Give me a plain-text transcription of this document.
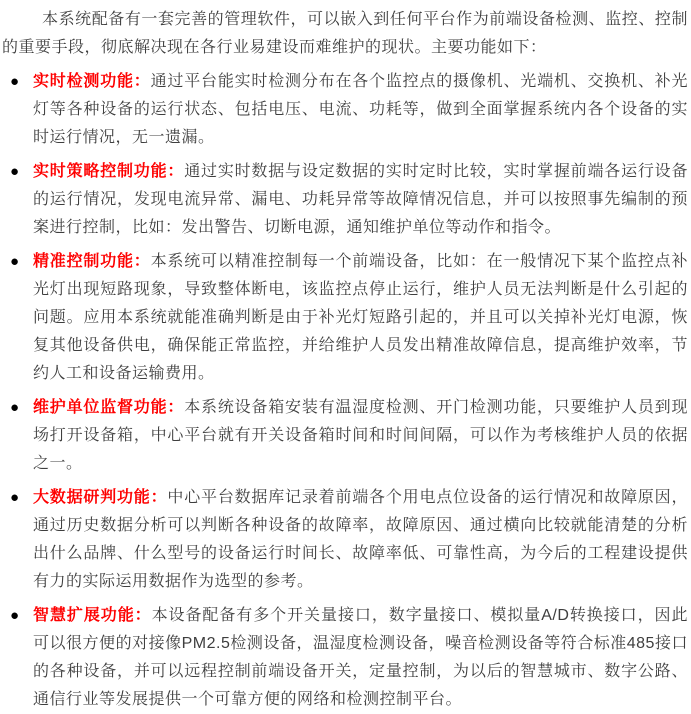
本系统配备有一套完善的管理软件，可以嵌入到任何平台作为前端设备检测、监控、控制的重要手段，彻底解决现在各行业易建设而难维护的现状。主要功能如下：

● 实时检测功能：通过平台能实时检测分布在各个监控点的摄像机、光端机、交换机、补光灯等各种设备的运行状态、包括电压、电流、功耗等，做到全面掌握系统内各个设备的实时运行情况，无一遗漏。

● 实时策略控制功能：通过实时数据与设定数据的实时定时比较，实时掌握前端各运行设备的运行情况，发现电流异常、漏电、功耗异常等故障情况信息，并可以按照事先编制的预案进行控制，比如：发出警告、切断电源，通知维护单位等动作和指令。

● 精准控制功能：本系统可以精准控制每一个前端设备，比如：在一般情况下某个监控点补光灯出现短路现象，导致整体断电，该监控点停止运行，维护人员无法判断是什么引起的问题。应用本系统就能准确判断是由于补光灯短路引起的，并且可以关掉补光灯电源，恢复其他设备供电，确保能正常监控，并给维护人员发出精准故障信息，提高维护效率，节约人工和设备运输费用。

● 维护单位监督功能：本系统设备箱安装有温湿度检测、开门检测功能，只要维护人员到现场打开设备箱，中心平台就有开关设备箱时间和时间间隔，可以作为考核维护人员的依据之一。

● 大数据研判功能：中心平台数据库记录着前端各个用电点位设备的运行情况和故障原因，通过历史数据分析可以判断各种设备的故障率，故障原因、通过横向比较就能清楚的分析出什么品牌、什么型号的设备运行时间长、故障率低、可靠性高，为今后的工程建设提供有力的实际运用数据作为选型的参考。

● 智慧扩展功能：本设备配备有多个开关量接口，数字量接口、模拟量A/D转换接口，因此可以很方便的对接像PM2.5检测设备，温湿度检测设备，噪音检测设备等符合标准485接口的各种设备，并可以远程控制前端设备开关，定量控制，为以后的智慧城市、数字公路、通信行业等发展提供一个可靠方便的网络和检测控制平台。
